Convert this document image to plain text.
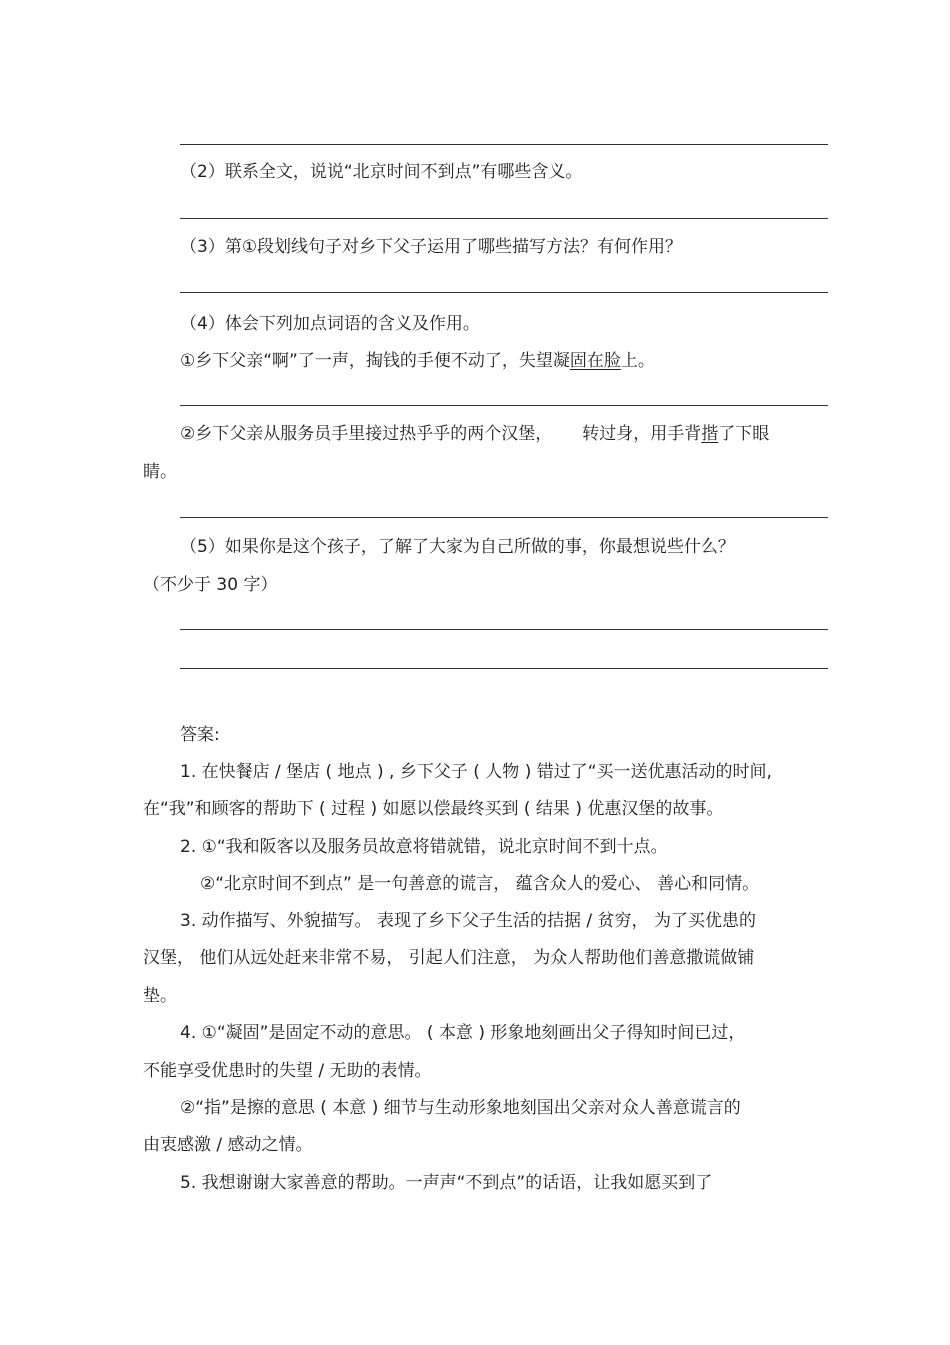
（2）联系全文，说说“北京时间不到点”有哪些含义。
（3）第①段划线句子对乡下父子运用了哪些描写方法？有何作用？
（4）体会下列加点词语的含义及作用。
①乡下父亲“啊”了一声，掏钱的手便不动了，失望凝固在脸上。
②乡下父亲从服务员手里接过热乎乎的两个汉堡， 转过身，用手背揩了下眼
睛。
（5）如果你是这个孩子，了解了大家为自己所做的事，你最想说些什么？
（不少于 30 字）
答案:
1. 在快餐店 / 堡店 ( 地点 ) , 乡下父子 ( 人物 ) 错过了“买一送优惠活动的时间,
在“我”和顾客的帮助下 ( 过程 ) 如愿以偿最终买到 ( 结果 ) 优惠汉堡的故事。
2. ①“我和阪客以及服务员故意将错就错，说北京时间不到十点。
②“北京时间不到点” 是一句善意的谎言， 蕴含众人的爱心、 善心和同情。
3. 动作描写、外貌描写。 表现了乡下父子生活的拮据 / 贫穷， 为了买优患的
汉堡， 他们从远处赶来非常不易， 引起人们注意， 为众人帮助他们善意撒谎做铺
垫。
4. ①“凝固”是固定不动的意思。 ( 本意 ) 形象地刻画出父子得知时间已过，
不能享受优患时的失望 / 无助的表情。
②“指”是擦的意思 ( 本意 ) 细节与生动形象地刻国出父亲对众人善意谎言的
由衷感激 / 感动之情。
5. 我想谢谢大家善意的帮助。一声声“不到点”的话语，让我如愿买到了
